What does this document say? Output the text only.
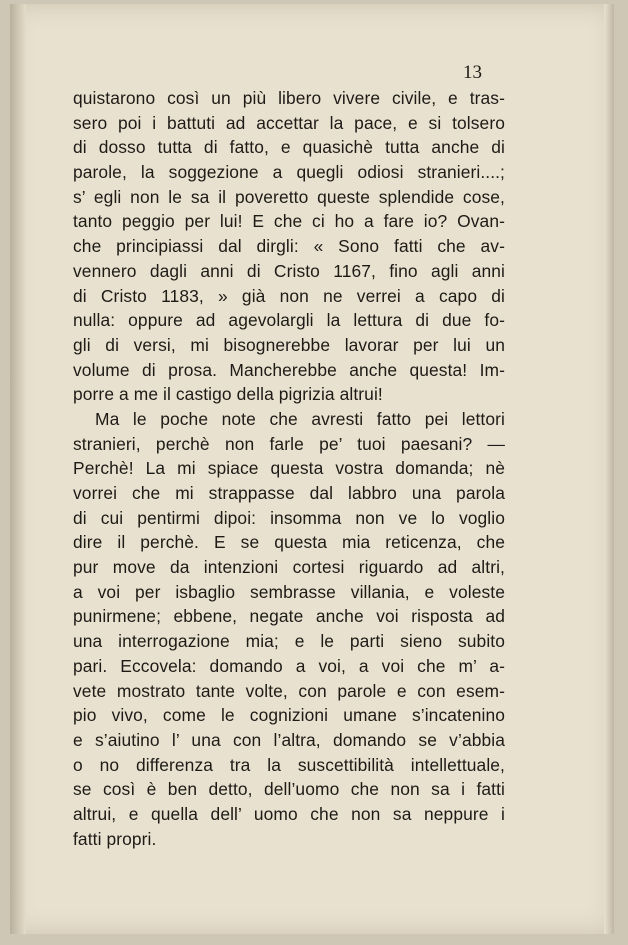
13
quistarono così un più libero vivere civile, e tras-
sero poi i battuti ad accettar la pace, e si tolsero
di dosso tutta di fatto, e quasichè tutta anche di
parole, la soggezione a quegli odiosi stranieri....;
s’ egli non le sa il poveretto queste splendide cose,
tanto peggio per lui! E che ci ho a fare io? Ovan-
che principiassi dal dirgli: « Sono fatti che av-
vennero dagli anni di Cristo 1167, fino agli anni
di Cristo 1183, » già non ne verrei a capo di
nulla: oppure ad agevolargli la lettura di due fo-
gli di versi, mi bisognerebbe lavorar per lui un
volume di prosa. Mancherebbe anche questa! Im-
porre a me il castigo della pigrizia altrui!
Ma le poche note che avresti fatto pei lettori
stranieri, perchè non farle pe’ tuoi paesani? —
Perchè! La mi spiace questa vostra domanda; nè
vorrei che mi strappasse dal labbro una parola
di cui pentirmi dipoi: insomma non ve lo voglio
dire il perchè. E se questa mia reticenza, che
pur move da intenzioni cortesi riguardo ad altri,
a voi per isbaglio sembrasse villania, e voleste
punirmene; ebbene, negate anche voi risposta ad
una interrogazione mia; e le parti sieno subito
pari. Eccovela: domando a voi, a voi che m’ a-
vete mostrato tante volte, con parole e con esem-
pio vivo, come le cognizioni umane s’incatenino
e s’aiutino l’ una con l’altra, domando se v’abbia
o no differenza tra la suscettibilità intellettuale,
se così è ben detto, dell’uomo che non sa i fatti
altrui, e quella dell’ uomo che non sa neppure i
fatti propri.
